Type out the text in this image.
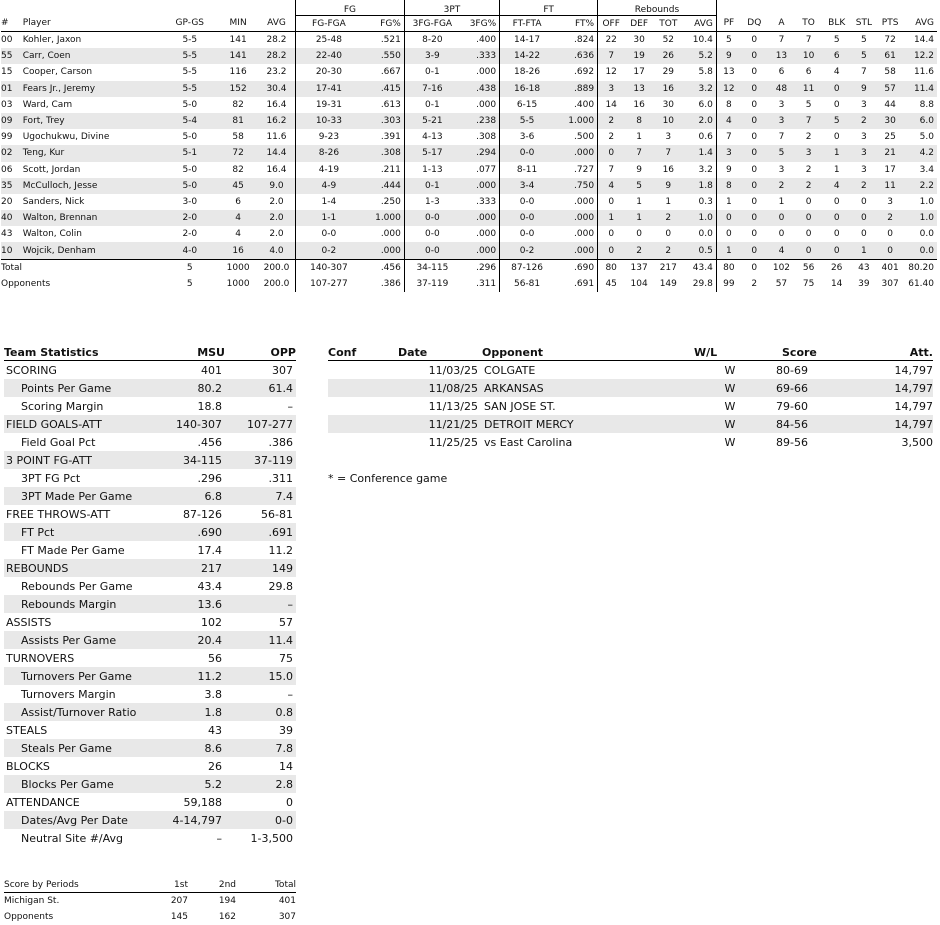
					FG		3PT		FT		Rebounds											
#	Player	GP-GS	MIN	AVG	FG-FGA	FG%	3FG-FGA	3FG%	FT-FTA	FT%	OFF	DEF	TOT	AVG	PF	DQ	A	TO	BLK	STL	PTS	AVG
00	Kohler, Jaxon	5-5	141	28.2	25-48	.521	8-20	.400	14-17	.824	22	30	52	10.4	5	0	7	7	5	5	72	14.4
55	Carr, Coen	5-5	141	28.2	22-40	.550	3-9	.333	14-22	.636	7	19	26	5.2	9	0	13	10	6	5	61	12.2
15	Cooper, Carson	5-5	116	23.2	20-30	.667	0-1	.000	18-26	.692	12	17	29	5.8	13	0	6	6	4	7	58	11.6
01	Fears Jr., Jeremy	5-5	152	30.4	17-41	.415	7-16	.438	16-18	.889	3	13	16	3.2	12	0	48	11	0	9	57	11.4
03	Ward, Cam	5-0	82	16.4	19-31	.613	0-1	.000	6-15	.400	14	16	30	6.0	8	0	3	5	0	3	44	8.8
09	Fort, Trey	5-4	81	16.2	10-33	.303	5-21	.238	5-5	1.000	2	8	10	2.0	4	0	3	7	5	2	30	6.0
99	Ugochukwu, Divine	5-0	58	11.6	9-23	.391	4-13	.308	3-6	.500	2	1	3	0.6	7	0	7	2	0	3	25	5.0
02	Teng, Kur	5-1	72	14.4	8-26	.308	5-17	.294	0-0	.000	0	7	7	1.4	3	0	5	3	1	3	21	4.2
06	Scott, Jordan	5-0	82	16.4	4-19	.211	1-13	.077	8-11	.727	7	9	16	3.2	9	0	3	2	1	3	17	3.4
35	McCulloch, Jesse	5-0	45	9.0	4-9	.444	0-1	.000	3-4	.750	4	5	9	1.8	8	0	2	2	4	2	11	2.2
20	Sanders, Nick	3-0	6	2.0	1-4	.250	1-3	.333	0-0	.000	0	1	1	0.3	1	0	1	0	0	0	3	1.0
40	Walton, Brennan	2-0	4	2.0	1-1	1.000	0-0	.000	0-0	.000	1	1	2	1.0	0	0	0	0	0	0	2	1.0
43	Walton, Colin	2-0	4	2.0	0-0	.000	0-0	.000	0-0	.000	0	0	0	0.0	0	0	0	0	0	0	0	0.0
10	Wojcik, Denham	4-0	16	4.0	0-2	.000	0-0	.000	0-2	.000	0	2	2	0.5	1	0	4	0	0	1	0	0.0
Total		5	1000	200.0	140-307	.456	34-115	.296	87-126	.690	80	137	217	43.4	80	0	102	56	26	43	401	80.20
Opponents		5	1000	200.0	107-277	.386	37-119	.311	56-81	.691	45	104	149	29.8	99	2	57	75	14	39	307	61.40
Team Statistics	MSU	OPP
SCORING	401	307
Points Per Game	80.2	61.4
Scoring Margin	18.8	–
FIELD GOALS-ATT	140-307	107-277
Field Goal Pct	.456	.386
3 POINT FG-ATT	34-115	37-119
3PT FG Pct	.296	.311
3PT Made Per Game	6.8	7.4
FREE THROWS-ATT	87-126	56-81
FT Pct	.690	.691
FT Made Per Game	17.4	11.2
REBOUNDS	217	149
Rebounds Per Game	43.4	29.8
Rebounds Margin	13.6	–
ASSISTS	102	57
Assists Per Game	20.4	11.4
TURNOVERS	56	75
Turnovers Per Game	11.2	15.0
Turnovers Margin	3.8	–
Assist/Turnover Ratio	1.8	0.8
STEALS	43	39
Steals Per Game	8.6	7.8
BLOCKS	26	14
Blocks Per Game	5.2	2.8
ATTENDANCE	59,188	0
Dates/Avg Per Date	4-14,797	0-0
Neutral Site #/Avg	–	1-3,500
Conf	Date	Opponent	W/L	Score	Att.
	11/03/25	COLGATE	W	80-69	14,797
	11/08/25	ARKANSAS	W	69-66	14,797
	11/13/25	SAN JOSE ST.	W	79-60	14,797
	11/21/25	DETROIT MERCY	W	84-56	14,797
	11/25/25	vs East Carolina	W	89-56	3,500
* = Conference game
Score by Periods	1st	2nd	Total
Michigan St.	207	194	401
Opponents	145	162	307
